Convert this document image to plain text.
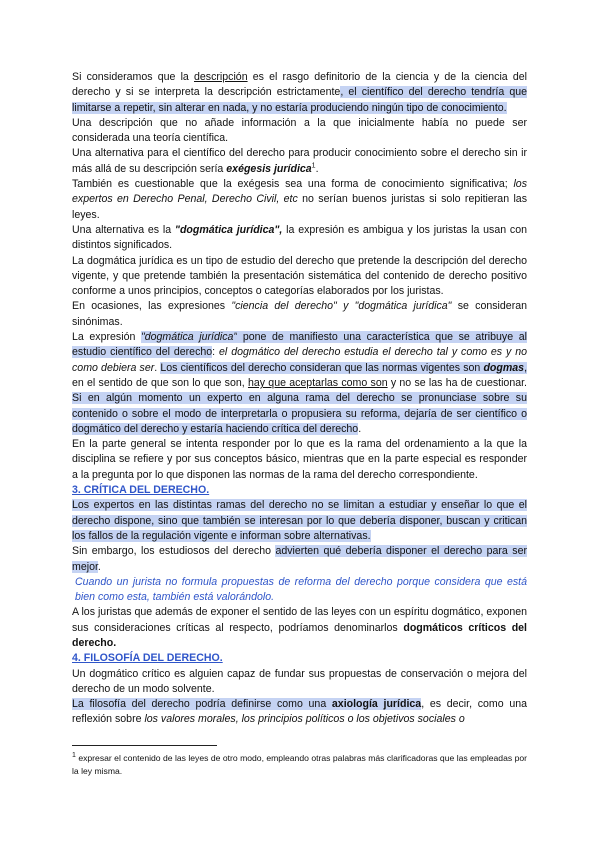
Si consideramos que la descripción es el rasgo definitorio de la ciencia y de la ciencia del derecho y si se interpreta la descripción estrictamente, el científico del derecho tendría que limitarse a repetir, sin alterar en nada, y no estaría produciendo ningún tipo de conocimiento.

Una descripción que no añade información a la que inicialmente había no puede ser considerada una teoría científica.

Una alternativa para el científico del derecho para producir conocimiento sobre el derecho sin ir más allá de su descripción sería exégesis jurídica$^1$.

También es cuestionable que la exégesis sea una forma de conocimiento significativa; los expertos en Derecho Penal, Derecho Civil, etc no serían buenos juristas si solo repitieran las leyes.

Una alternativa es la "dogmática jurídica", la expresión es ambigua y los juristas la usan con distintos significados.

La dogmática jurídica es un tipo de estudio del derecho que pretende la descripción del derecho vigente, y que pretende también la presentación sistemática del contenido de derecho positivo conforme a unos principios, conceptos o categorías elaborados por los juristas.

En ocasiones, las expresiones "ciencia del derecho" y "dogmática jurídica" se consideran sinónimas.

La expresión "dogmática jurídica" pone de manifiesto una característica que se atribuye al estudio científico del derecho: el dogmático del derecho estudia el derecho tal y como es y no como debiera ser. Los científicos del derecho consideran que las normas vigentes son dogmas, en el sentido de que son lo que son, hay que aceptarlas como son y no se las ha de cuestionar. Si en algún momento un experto en alguna rama del derecho se pronunciase sobre su contenido o sobre el modo de interpretarla o propusiera su reforma, dejaría de ser científico o dogmático del derecho y estaría haciendo crítica del derecho.

En la parte general se intenta responder por lo que es la rama del ordenamiento a la que la disciplina se refiere y por sus conceptos básico, mientras que en la parte especial es responder a la pregunta por lo que disponen las normas de la rama del derecho correspondiente.

3. CRÍTICA DEL DERECHO.

Los expertos en las distintas ramas del derecho no se limitan a estudiar y enseñar lo que el derecho dispone, sino que también se interesan por lo que debería disponer, buscan y critican los fallos de la regulación vigente e informan sobre alternativas.

Sin embargo, los estudiosos del derecho advierten qué debería disponer el derecho para ser mejor.

Cuando un jurista no formula propuestas de reforma del derecho porque considera que está bien como esta, también está valorándolo.

A los juristas que además de exponer el sentido de las leyes con un espíritu dogmático, exponen sus consideraciones críticas al respecto, podríamos denominarlos dogmáticos críticos del derecho.

4. FILOSOFÍA DEL DERECHO.

Un dogmático crítico es alguien capaz de fundar sus propuestas de conservación o mejora del derecho de un modo solvente.

La filosofía del derecho podría definirse como una axiología jurídica, es decir, como una reflexión sobre los valores morales, los principios políticos o los objetivos sociales o

$^1$ expresar el contenido de las leyes de otro modo, empleando otras palabras más clarificadoras que las empleadas por la ley misma.
